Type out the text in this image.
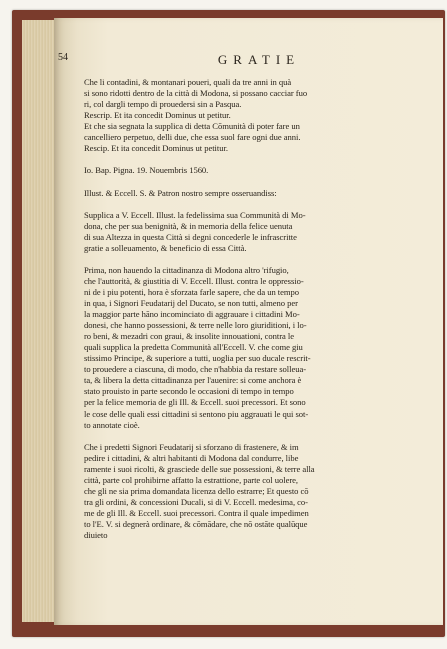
54	GRATIE
Che li contadini, & montanari poueri, quali da tre anni in quà
si sono ridotti dentro de la città di Modona, si possano cacciar fuo
ri, col dargli tempo di prouedersi sin a Pasqua.
Rescrip. Et ita concedit Dominus ut petitur.
Et che sia segnata la supplica di detta Cōmunità di poter fare un
cancelliero perpetuo, delli due, che essa suol fare ogni due anni.
Rescip. Et ita concedit Dominus ut petitur.
Io. Bap. Pigna. 19. Nouembris 1560.
Illust. & Eccell. S. & Patron nostro sempre osseruandiss:
Supplica a V. Eccell. Illust. la fedelissima sua Communità di Mo-
dona, che per sua benignità, & in memoria della felice uenuta
di sua Altezza in questa Città si degni concederle le infrascritte
gratie a solleuamento, & beneficio di essa Città.
Prima, non hauendo la cittadinanza di Modona altro 'rifugio,
che l'auttorità, & giustitia di V. Eccell. Illust. contra le oppressio-
ni de i piu potenti, hora è sforzata farle sapere, che da un tempo
in qua, i Signori Feudatarij del Ducato, se non tutti, almeno per
la maggior parte hāno incominciato di aggrauare i cittadini Mo-
donesi, che hanno possessioni, & terre nelle loro giuriditioni, i lo-
ro beni, & mezadri con graui, & insolite innouationi, contra le
quali supplica la predetta Communità all'Eccell. V. che come giu
stissimo Principe, & superiore a tutti, uoglia per suo ducale rescrit-
to prouedere a ciascuna, di modo, che n'habbia da restare solleua-
ta, & libera la detta cittadinanza per l'auenire: si come anchora è
stato prouisto in parte secondo le occasioni di tempo in tempo
per la felice memoria de gli Ill. & Eccell. suoi precessori. Et sono
le cose delle quali essi cittadini si sentono piu aggrauati le qui sot-
to annotate cioè.
Che i predetti Signori Feudatarij si sforzano di frastenere, & im
pedire i cittadini, & altri habitanti di Modona dal condurre, libe
ramente i suoi ricolti, & grasciede delle sue possessioni, & terre alla
città, parte col prohibirne affatto la estrattione, parte col uolere,
che gli ne sia prima domandata licenza dello estrarre; Et questo cō
tra gli ordini, & concessioni Ducali, si di V. Eccell. medesima, co-
me de gli Ill. & Eccell. suoi precessori. Contra il quale impedimen
to l'E. V. si degnerà ordinare, & cōmādare, che nō ostāte qualūque
diuieto
